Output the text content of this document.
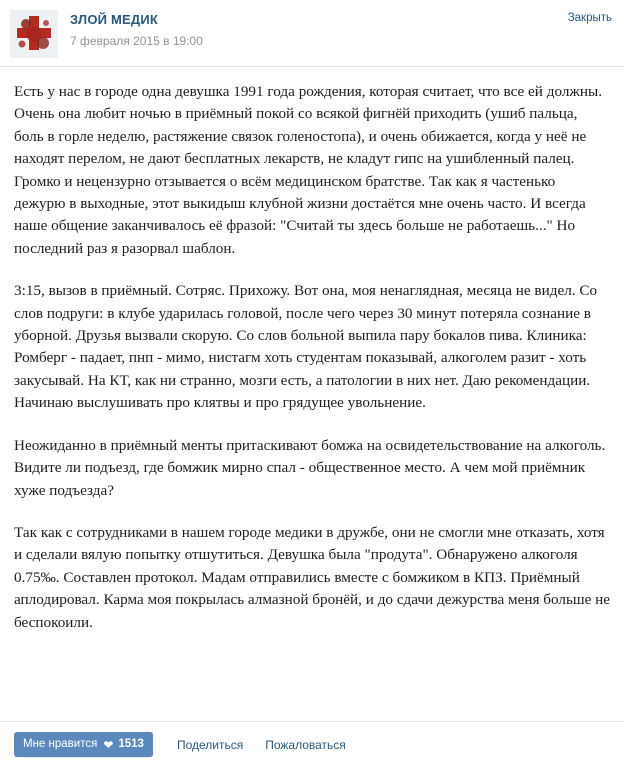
ЗЛОЙ МЕДИК
7 февраля 2015 в 19:00
Закрыть

Есть у нас в городе одна девушка 1991 года рождения, которая считает, что все ей должны. Очень она любит ночью в приёмный покой со всякой фигнёй приходить (ушиб пальца, боль в горле неделю, растяжение связок голеностопа), и очень обижается, когда у неё не находят перелом, не дают бесплатных лекарств, не кладут гипс на ушибленный палец. Громко и нецензурно отзывается о всём медицинском братстве. Так как я частенько дежурю в выходные, этот выкидыш клубной жизни достаётся мне очень часто. И всегда наше общение заканчивалось её фразой: "Считай ты здесь больше не работаешь..." Но последний раз я разорвал шаблон.

3:15, вызов в приёмный. Сотряс. Прихожу. Вот она, моя ненаглядная, месяца не видел. Со слов подруги: в клубе ударилась головой, после чего через 30 минут потеряла сознание в уборной. Друзья вызвали скорую. Со слов больной выпила пару бокалов пива. Клиника: Ромберг - падает, пнп - мимо, нистагм хоть студентам показывай, алкоголем разит - хоть закусывай. На КТ, как ни странно, мозги есть, а патологии в них нет. Даю рекомендации. Начинаю выслушивать про клятвы и про грядущее увольнение.

Неожиданно в приёмный менты притаскивают бомжа на освидетельствование на алкоголь. Видите ли подъезд, где бомжик мирно спал - общественное место. А чем мой приёмник хуже подъезда?

Так как с сотрудниками в нашем городе медики в дружбе, они не смогли мне отказать, хотя и сделали вялую попытку отшутиться. Девушка была "продута". Обнаружено алкоголя 0.75‰. Составлен протокол. Мадам отправились вместе с бомжиком в КПЗ. Приёмный аплодировал. Карма моя покрылась алмазной бронёй, и до сдачи дежурства меня больше не беспокоили.

Мне нравится ❤ 1513	Поделиться Пожаловаться
